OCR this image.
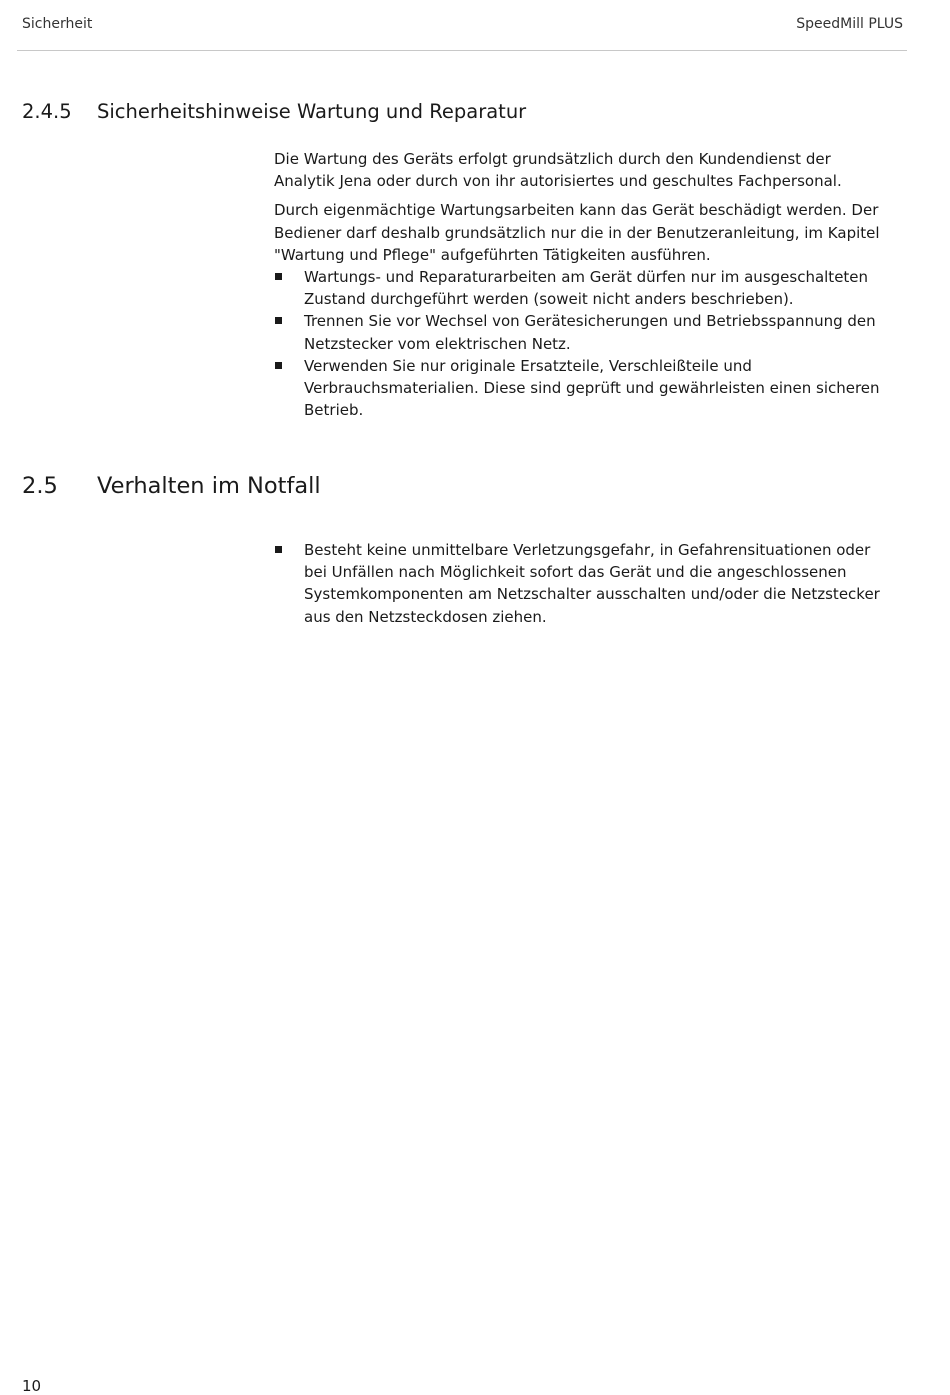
Sicherheit	SpeedMill PLUS
2.4.5 Sicherheitshinweise Wartung und Reparatur

Die Wartung des Geräts erfolgt grundsätzlich durch den Kundendienst der Analytik Jena oder durch von ihr autorisiertes und geschultes Fachpersonal.

Durch eigenmächtige Wartungsarbeiten kann das Gerät beschädigt werden. Der Bediener darf deshalb grundsätzlich nur die in der Benutzeranleitung, im Kapitel "Wartung und Pflege" aufgeführten Tätigkeiten ausführen.

Wartungs- und Reparaturarbeiten am Gerät dürfen nur im ausgeschalteten Zustand durchgeführt werden (soweit nicht anders beschrieben).
Trennen Sie vor Wechsel von Gerätesicherungen und Betriebsspannung den Netzstecker vom elektrischen Netz.
Verwenden Sie nur originale Ersatzteile, Verschleißteile und Verbrauchsmaterialien. Diese sind geprüft und gewährleisten einen sicheren Betrieb.
2.5 Verhalten im Notfall
Besteht keine unmittelbare Verletzungsgefahr, in Gefahrensituationen oder bei Unfällen nach Möglichkeit sofort das Gerät und die angeschlossenen Systemkomponenten am Netzschalter ausschalten und/oder die Netzstecker aus den Netzsteckdosen ziehen.
10
